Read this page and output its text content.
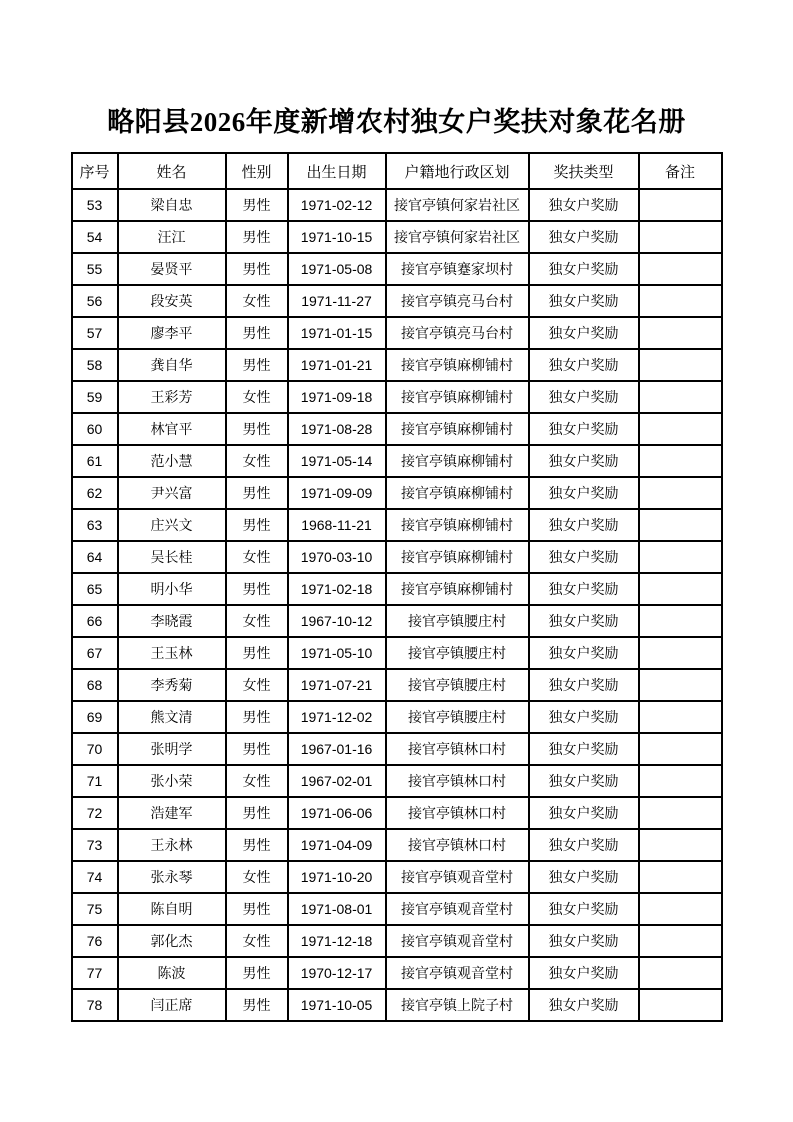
略阳县2026年度新增农村独女户奖扶对象花名册
序号	姓名	性别	出生日期	户籍地行政区划	奖扶类型	备注
53	梁自忠	男性	1971-02-12	接官亭镇何家岩社区	独女户奖励	
54	汪江	男性	1971-10-15	接官亭镇何家岩社区	独女户奖励	
55	晏贤平	男性	1971-05-08	接官亭镇蹇家坝村	独女户奖励	
56	段安英	女性	1971-11-27	接官亭镇亮马台村	独女户奖励	
57	廖李平	男性	1971-01-15	接官亭镇亮马台村	独女户奖励	
58	龚自华	男性	1971-01-21	接官亭镇麻柳铺村	独女户奖励	
59	王彩芳	女性	1971-09-18	接官亭镇麻柳铺村	独女户奖励	
60	林官平	男性	1971-08-28	接官亭镇麻柳铺村	独女户奖励	
61	范小慧	女性	1971-05-14	接官亭镇麻柳铺村	独女户奖励	
62	尹兴富	男性	1971-09-09	接官亭镇麻柳铺村	独女户奖励	
63	庄兴文	男性	1968-11-21	接官亭镇麻柳铺村	独女户奖励	
64	吴长桂	女性	1970-03-10	接官亭镇麻柳铺村	独女户奖励	
65	明小华	男性	1971-02-18	接官亭镇麻柳铺村	独女户奖励	
66	李晓霞	女性	1967-10-12	接官亭镇腰庄村	独女户奖励	
67	王玉林	男性	1971-05-10	接官亭镇腰庄村	独女户奖励	
68	李秀菊	女性	1971-07-21	接官亭镇腰庄村	独女户奖励	
69	熊文清	男性	1971-12-02	接官亭镇腰庄村	独女户奖励	
70	张明学	男性	1967-01-16	接官亭镇林口村	独女户奖励	
71	张小荣	女性	1967-02-01	接官亭镇林口村	独女户奖励	
72	浩建军	男性	1971-06-06	接官亭镇林口村	独女户奖励	
73	王永林	男性	1971-04-09	接官亭镇林口村	独女户奖励	
74	张永琴	女性	1971-10-20	接官亭镇观音堂村	独女户奖励	
75	陈自明	男性	1971-08-01	接官亭镇观音堂村	独女户奖励	
76	郭化杰	女性	1971-12-18	接官亭镇观音堂村	独女户奖励	
77	陈波	男性	1970-12-17	接官亭镇观音堂村	独女户奖励	
78	闫正席	男性	1971-10-05	接官亭镇上院子村	独女户奖励	
